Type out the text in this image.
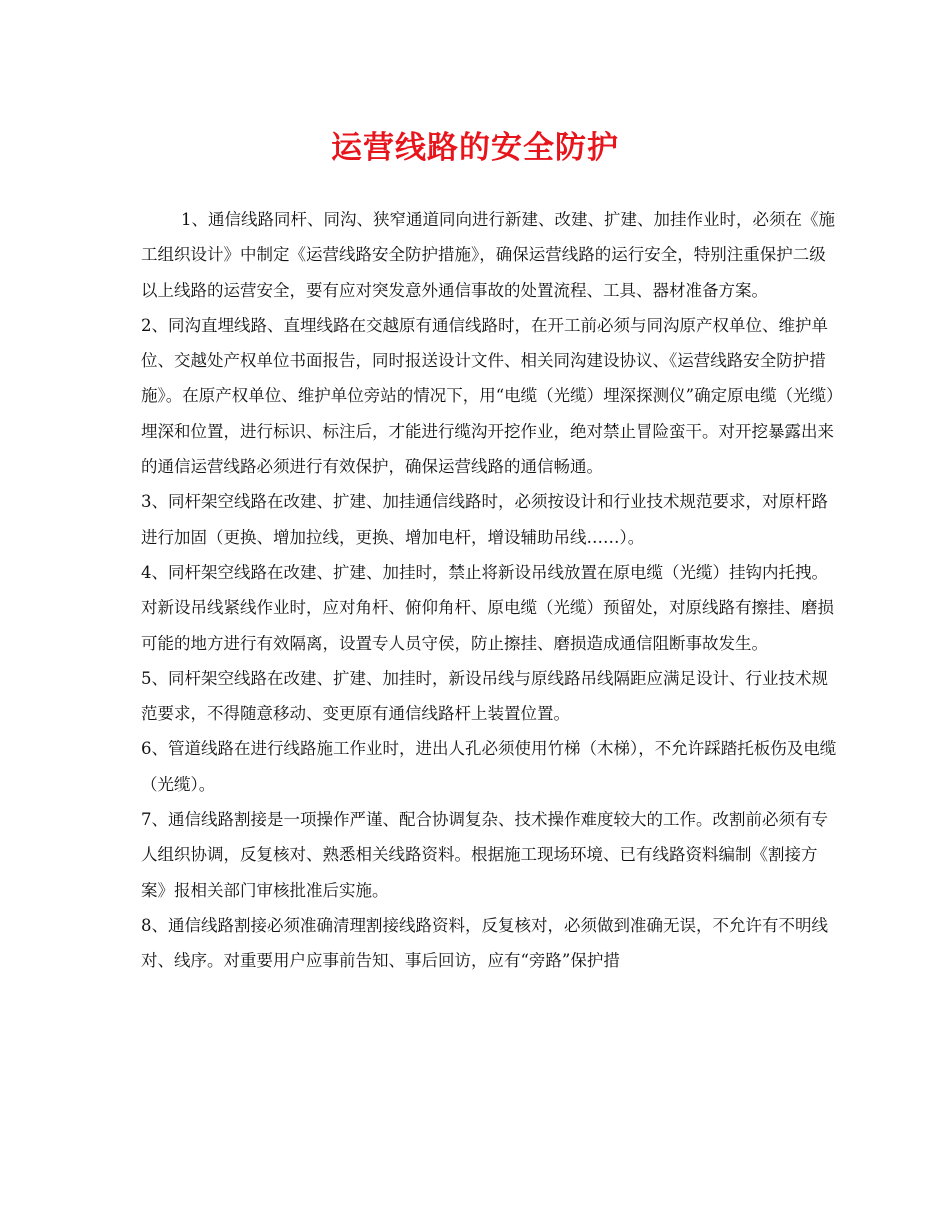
运营线路的安全防护

1、通信线路同杆、同沟、狭窄通道同向进行新建、改建、扩建、加挂作业时，必须在《施工组织设计》中制定《运营线路安全防护措施》，确保运营线路的运行安全，特别注重保护二级以上线路的运营安全，要有应对突发意外通信事故的处置流程、工具、器材准备方案。

2、同沟直埋线路、直埋线路在交越原有通信线路时，在开工前必须与同沟原产权单位、维护单位、交越处产权单位书面报告，同时报送设计文件、相关同沟建设协议、《运营线路安全防护措施》。在原产权单位、维护单位旁站的情况下，用“电缆（光缆）埋深探测仪”确定原电缆（光缆）埋深和位置，进行标识、标注后，才能进行缆沟开挖作业，绝对禁止冒险蛮干。对开挖暴露出来的通信运营线路必须进行有效保护，确保运营线路的通信畅通。

3、同杆架空线路在改建、扩建、加挂通信线路时，必须按设计和行业技术规范要求，对原杆路进行加固（更换、增加拉线，更换、增加电杆，增设辅助吊线……）。

4、同杆架空线路在改建、扩建、加挂时，禁止将新设吊线放置在原电缆（光缆）挂钩内托拽。对新设吊线紧线作业时，应对角杆、俯仰角杆、原电缆（光缆）预留处，对原线路有擦挂、磨损可能的地方进行有效隔离，设置专人员守侯，防止擦挂、磨损造成通信阻断事故发生。

5、同杆架空线路在改建、扩建、加挂时，新设吊线与原线路吊线隔距应满足设计、行业技术规范要求，不得随意移动、变更原有通信线路杆上装置位置。

6、管道线路在进行线路施工作业时，进出人孔必须使用竹梯（木梯），不允许踩踏托板伤及电缆（光缆）。

7、通信线路割接是一项操作严谨、配合协调复杂、技术操作难度较大的工作。改割前必须有专人组织协调，反复核对、熟悉相关线路资料。根据施工现场环境、已有线路资料编制《割接方案》报相关部门审核批准后实施。

8、通信线路割接必须准确清理割接线路资料，反复核对，必须做到准确无误，不允许有不明线对、线序。对重要用户应事前告知、事后回访，应有“旁路”保护措
